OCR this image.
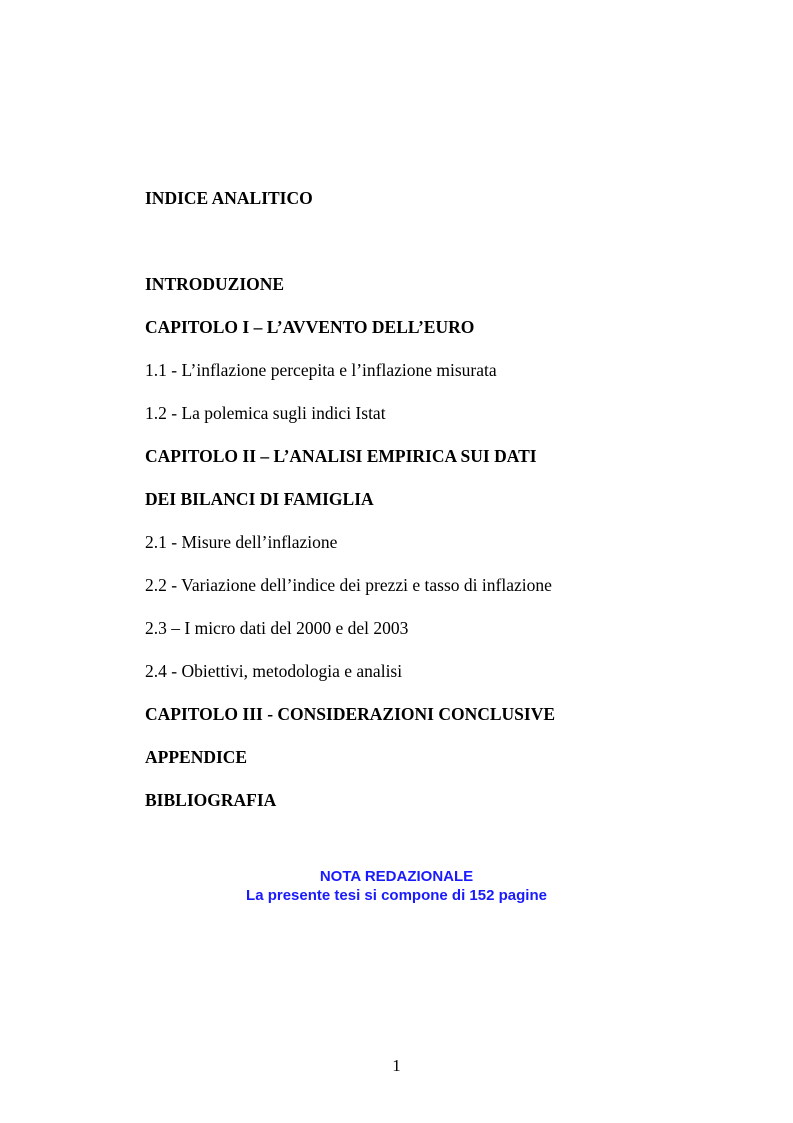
INDICE ANALITICO
INTRODUZIONE
CAPITOLO I – L’AVVENTO DELL’EURO
1.1 - L’inflazione percepita e l’inflazione misurata
1.2 - La polemica sugli indici Istat
CAPITOLO II – L’ANALISI EMPIRICA SUI DATI
DEI BILANCI DI FAMIGLIA
2.1 - Misure dell’inflazione
2.2 - Variazione dell’indice dei prezzi e tasso di inflazione
2.3 – I micro dati del 2000 e del 2003
2.4 - Obiettivi, metodologia e analisi
CAPITOLO III - CONSIDERAZIONI CONCLUSIVE
APPENDICE
BIBLIOGRAFIA
NOTA REDAZIONALE
La presente tesi si compone di 152 pagine
1
